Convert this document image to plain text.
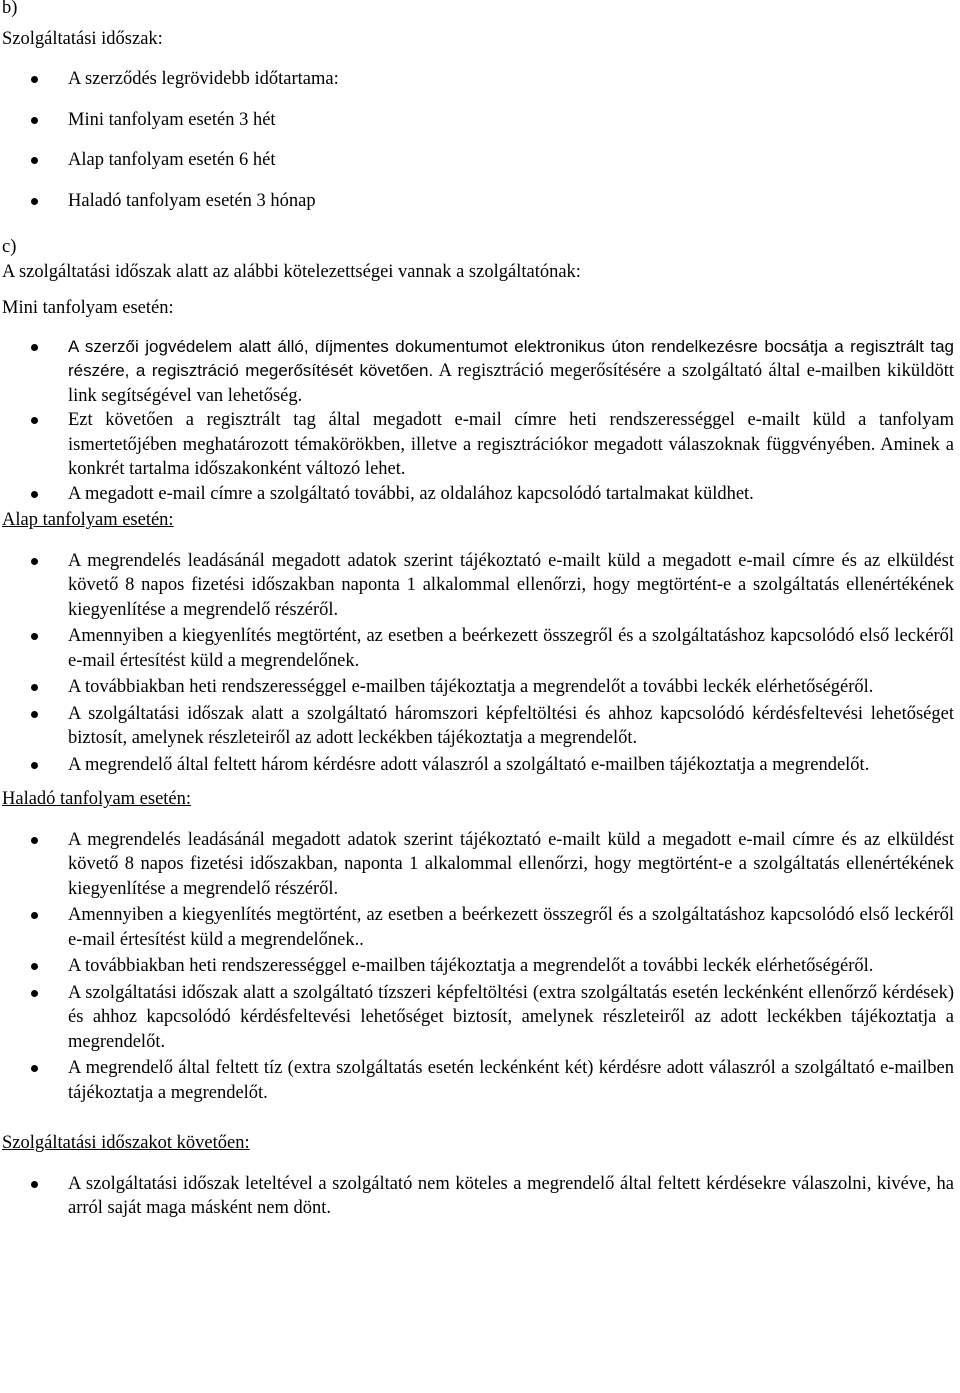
b)

Szolgáltatási időszak:

A szerződés legrövidebb időtartama:
Mini tanfolyam esetén 3 hét
Alap tanfolyam esetén 6 hét
Haladó tanfolyam esetén 3 hónap

c)

A szolgáltatási időszak alatt az alábbi kötelezettségei vannak a szolgáltatónak:

Mini tanfolyam esetén:

A szerzői jogvédelem alatt álló, díjmentes dokumentumot elektronikus úton rendelkezésre bocsátja a regisztrált tag részére, a regisztráció megerősítését követően. A regisztráció megerősítésére a szolgáltató által e-mailben kiküldött link segítségével van lehetőség.
Ezt követően a regisztrált tag által megadott e-mail címre heti rendszerességgel e-mailt küld a tanfolyam ismertetőjében meghatározott témakörökben, illetve a regisztrációkor megadott válaszoknak függvényében. Aminek a konkrét tartalma időszakonként változó lehet.
A megadott e-mail címre a szolgáltató további, az oldalához kapcsolódó tartalmakat küldhet.

Alap tanfolyam esetén:

A megrendelés leadásánál megadott adatok szerint tájékoztató e-mailt küld a megadott e-mail címre és az elküldést követő 8 napos fizetési időszakban naponta 1 alkalommal ellenőrzi, hogy megtörtént-e a szolgáltatás ellenértékének kiegyenlítése a megrendelő részéről.
Amennyiben a kiegyenlítés megtörtént, az esetben a beérkezett összegről és a szolgáltatáshoz kapcsolódó első leckéről e-mail értesítést küld a megrendelőnek.
A továbbiakban heti rendszerességgel e-mailben tájékoztatja a megrendelőt a további leckék elérhetőségéről.
A szolgáltatási időszak alatt a szolgáltató háromszori képfeltöltési és ahhoz kapcsolódó kérdésfeltevési lehetőséget biztosít, amelynek részleteiről az adott leckékben tájékoztatja a megrendelőt.
A megrendelő által feltett három kérdésre adott válaszról a szolgáltató e-mailben tájékoztatja a megrendelőt.

Haladó tanfolyam esetén:

A megrendelés leadásánál megadott adatok szerint tájékoztató e-mailt küld a megadott e-mail címre és az elküldést követő 8 napos fizetési időszakban, naponta 1 alkalommal ellenőrzi, hogy megtörtént-e a szolgáltatás ellenértékének kiegyenlítése a megrendelő részéről.
Amennyiben a kiegyenlítés megtörtént, az esetben a beérkezett összegről és a szolgáltatáshoz kapcsolódó első leckéről e-mail értesítést küld a megrendelőnek..
A továbbiakban heti rendszerességgel e-mailben tájékoztatja a megrendelőt a további leckék elérhetőségéről.
A szolgáltatási időszak alatt a szolgáltató tízszeri képfeltöltési (extra szolgáltatás esetén leckénként ellenőrző kérdések) és ahhoz kapcsolódó kérdésfeltevési lehetőséget biztosít, amelynek részleteiről az adott leckékben tájékoztatja a megrendelőt.
A megrendelő által feltett tíz (extra szolgáltatás esetén leckénként két) kérdésre adott válaszról a szolgáltató e-mailben tájékoztatja a megrendelőt.

Szolgáltatási időszakot követően:

A szolgáltatási időszak leteltével a szolgáltató nem köteles a megrendelő által feltett kérdésekre válaszolni, kivéve, ha arról saját maga másként nem dönt.
